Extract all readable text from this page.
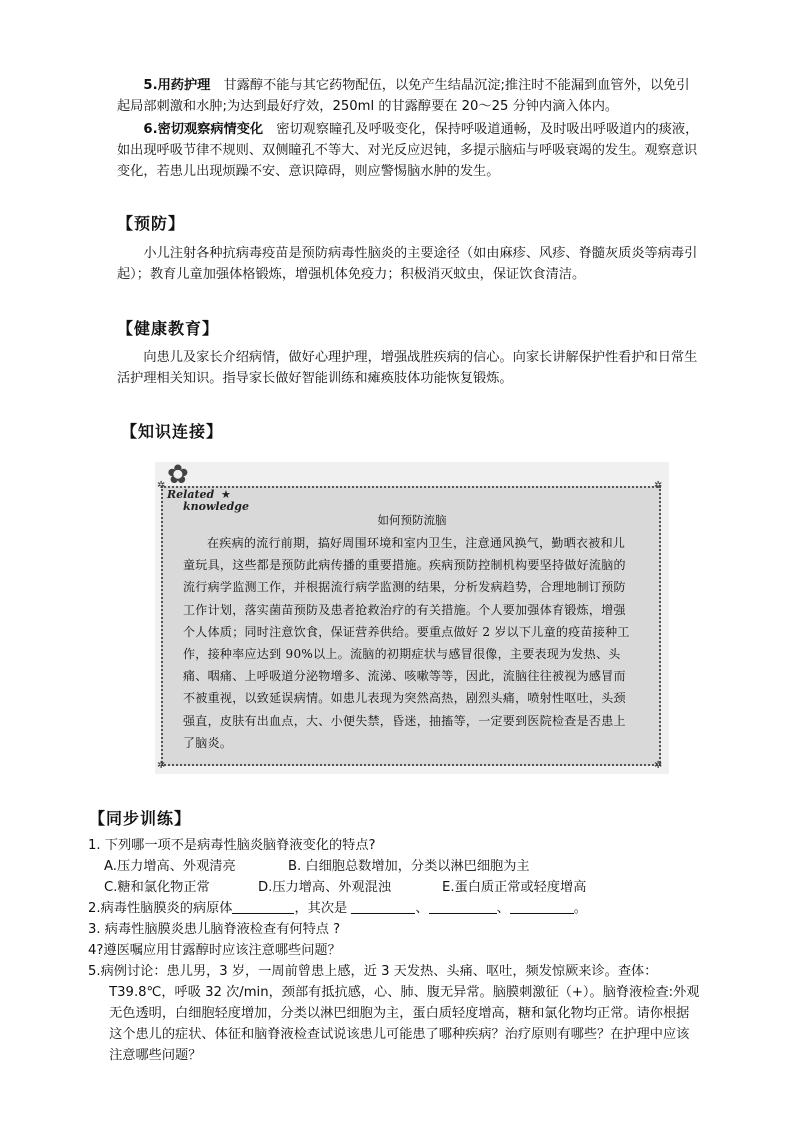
5.用药护理　甘露醇不能与其它药物配伍，以免产生结晶沉淀;推注时不能漏到血管外，以免引起局部刺激和水肿;为达到最好疗效，250ml 的甘露醇要在 20～25 分钟内滴入体内。
6.密切观察病情变化　密切观察瞳孔及呼吸变化，保持呼吸道通畅，及时吸出呼吸道内的痰液，如出现呼吸节律不规则、双侧瞳孔不等大、对光反应迟钝，多提示脑疝与呼吸衰竭的发生。观察意识变化，若患儿出现烦躁不安、意识障碍，则应警惕脑水肿的发生。
【预防】
小儿注射各种抗病毒疫苗是预防病毒性脑炎的主要途径（如由麻疹、风疹、脊髓灰质炎等病毒引起）；教育儿童加强体格锻炼，增强机体免疫力；积极消灭蚊虫，保证饮食清洁。
【健康教育】
向患儿及家长介绍病情，做好心理护理，增强战胜疾病的信心。向家长讲解保护性看护和日常生活护理相关知识。指导家长做好智能训练和瘫痪肢体功能恢复锻炼。
【知识连接】
✲	✲
✲	✲
✿
Related ★
knowledge
如何预防流脑
在疾病的流行前期，搞好周围环境和室内卫生，注意通风换气，勤晒衣被和儿童玩具，这些都是预防此病传播的重要措施。疾病预防控制机构要坚持做好流脑的流行病学监测工作，并根据流行病学监测的结果，分析发病趋势，合理地制订预防工作计划，落实菌苗预防及患者抢救治疗的有关措施。个人要加强体育锻炼，增强个人体质；同时注意饮食，保证营养供给。要重点做好 2 岁以下儿童的疫苗接种工作，接种率应达到 90%以上。流脑的初期症状与感冒很像，主要表现为发热、头痛、咽痛、上呼吸道分泌物增多、流涕、咳嗽等等，因此，流脑往往被视为感冒而不被重视，以致延误病情。如患儿表现为突然高热，剧烈头痛，喷射性呕吐，头颈强直，皮肤有出血点，大、小便失禁，昏迷，抽搐等，一定要到医院检查是否患上了脑炎。
【同步训练】
1. 下列哪一项不是病毒性脑炎脑脊液变化的特点?
A.压力增高、外观清亮	B. 白细胞总数增加，分类以淋巴细胞为主
C.糖和氯化物正常	D.压力增高、外观混浊	E.蛋白质正常或轻度增高
2.病毒性脑膜炎的病原体	，其次是	、	、	。
3. 病毒性脑膜炎患儿脑脊液检查有何特点 ?
4?遵医嘱应用甘露醇时应该注意哪些问题？
5.病例讨论：患儿男，3 岁，一周前曾患上感，近 3 天发热、头痛、呕吐，频发惊厥来诊。查体：T39.8℃，呼吸 32 次/min，颈部有抵抗感，心、肺、腹无异常。脑膜刺激征（+）。脑脊液检查:外观无色透明，白细胞轻度增加，分类以淋巴细胞为主，蛋白质轻度增高，糖和氯化物均正常。请你根据这个患儿的症状、体征和脑脊液检查试说该患儿可能患了哪种疾病？治疗原则有哪些？在护理中应该注意哪些问题？
